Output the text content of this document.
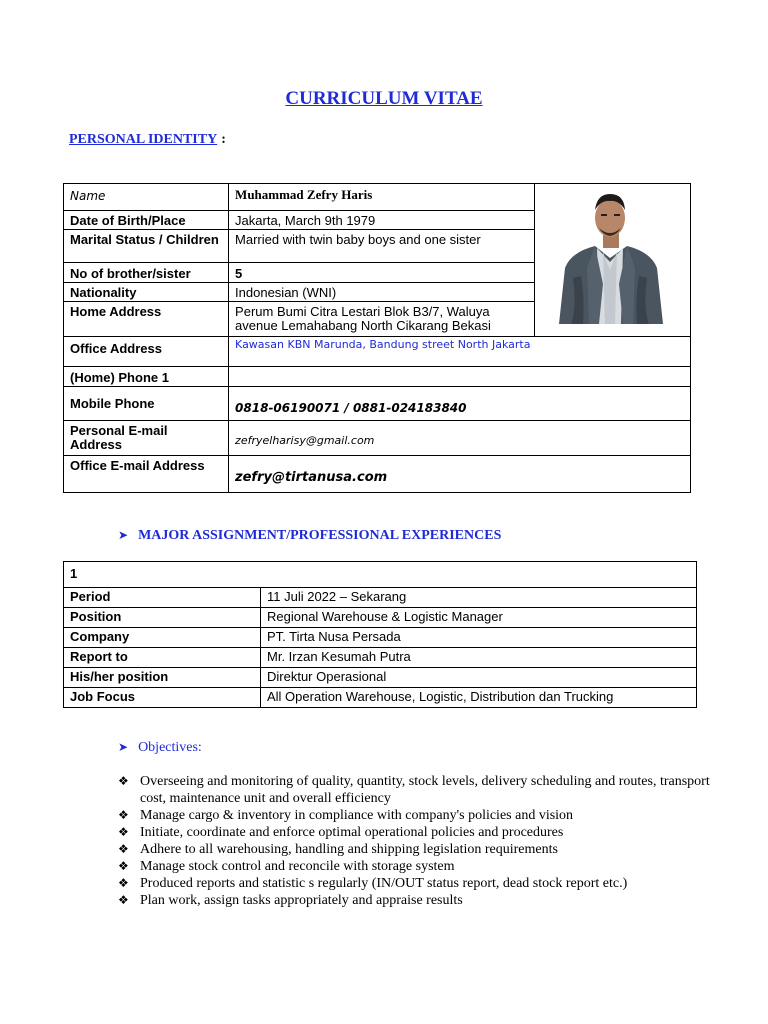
CURRICULUM VITAE
PERSONAL IDENTITY :
Name	Muhammad Zefry Haris	

Date of Birth/Place	Jakarta, March 9th 1979	
Marital Status / Children	Married with twin baby boys and one sister	
No of brother/sister	5	
Nationality	Indonesian (WNI)	
Home Address	Perum Bumi Citra Lestari Blok B3/7, Waluya avenue Lemahabang North Cikarang Bekasi	
Office Address	Kawasan KBN Marunda, Bandung street North Jakarta	
(Home) Phone 1		
Mobile Phone	0818-06190071 / 0881-024183840	
Personal E-mail Address	zefryelharisy@gmail.com	
Office E-mail Address	zefry@tirtanusa.com	
➤ MAJOR ASSIGNMENT/PROFESSIONAL EXPERIENCES
1	
Period	11 Juli 2022 – Sekarang
Position	Regional Warehouse & Logistic Manager
Company	PT. Tirta Nusa Persada
Report to	Mr. Irzan Kesumah Putra
His/her position	Direktur Operasional
Job Focus	All Operation Warehouse, Logistic, Distribution dan Trucking
➤ Objectives:
❖ Overseeing and monitoring of quality, quantity, stock levels, delivery scheduling and routes, transport cost, maintenance unit and overall efficiency
❖ Manage cargo & inventory in compliance with company's policies and vision
❖ Initiate, coordinate and enforce optimal operational policies and procedures
❖ Adhere to all warehousing, handling and shipping legislation requirements
❖ Manage stock control and reconcile with storage system
❖ Produced reports and statistic s regularly (IN/OUT status report, dead stock report etc.)
❖ Plan work, assign tasks appropriately and appraise results
